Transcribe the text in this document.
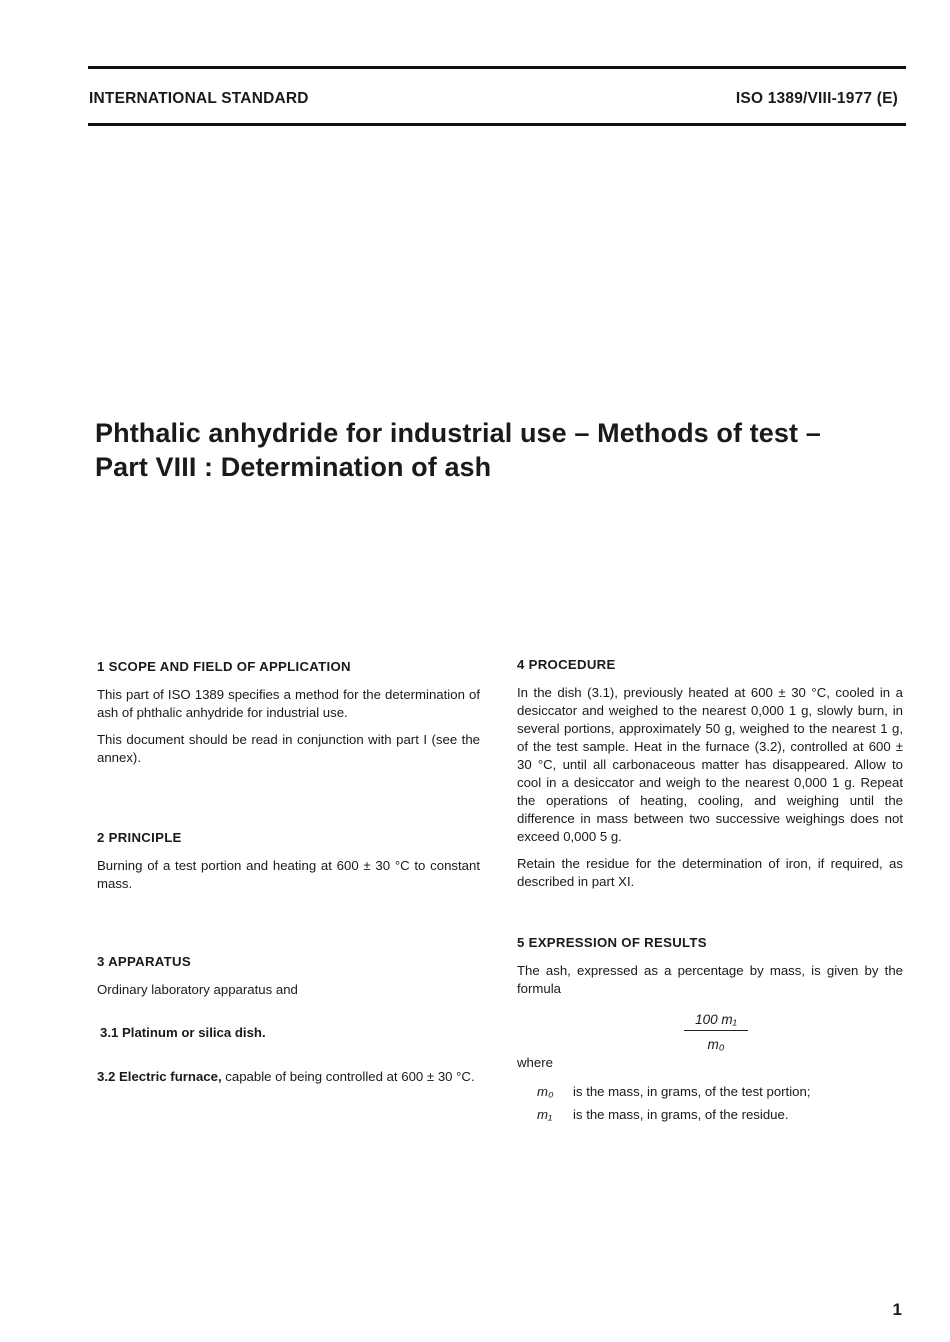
INTERNATIONAL STANDARD	ISO 1389/VIII-1977 (E)
Phthalic anhydride for industrial use – Methods of test –
Part VIII : Determination of ash

1 SCOPE AND FIELD OF APPLICATION

This part of ISO 1389 specifies a method for the determination of ash of phthalic anhydride for industrial use.

This document should be read in conjunction with part I (see the annex).

2 PRINCIPLE

Burning of a test portion and heating at 600 ± 30 °C to constant mass.

3 APPARATUS

Ordinary laboratory apparatus and

3.1 Platinum or silica dish.

3.2 Electric furnace, capable of being controlled at 600 ± 30 °C.

4 PROCEDURE

In the dish (3.1), previously heated at 600 ± 30 °C, cooled in a desiccator and weighed to the nearest 0,000 1 g, slowly burn, in several portions, approximately 50 g, weighed to the nearest 1 g, of the test sample. Heat in the furnace (3.2), controlled at 600 ± 30 °C, until all carbonaceous matter has disappeared. Allow to cool in a desiccator and weigh to the nearest 0,000 1 g. Repeat the operations of heating, cooling, and weighing until the difference in mass between two successive weighings does not exceed 0,000 5 g.

Retain the residue for the determination of iron, if required, as described in part XI.

5 EXPRESSION OF RESULTS

The ash, expressed as a percentage by mass, is given by the formula

where
100 m₁
m₀
m₀	is the mass, in grams, of the test portion;
m₁	is the mass, in grams, of the residue.
1
